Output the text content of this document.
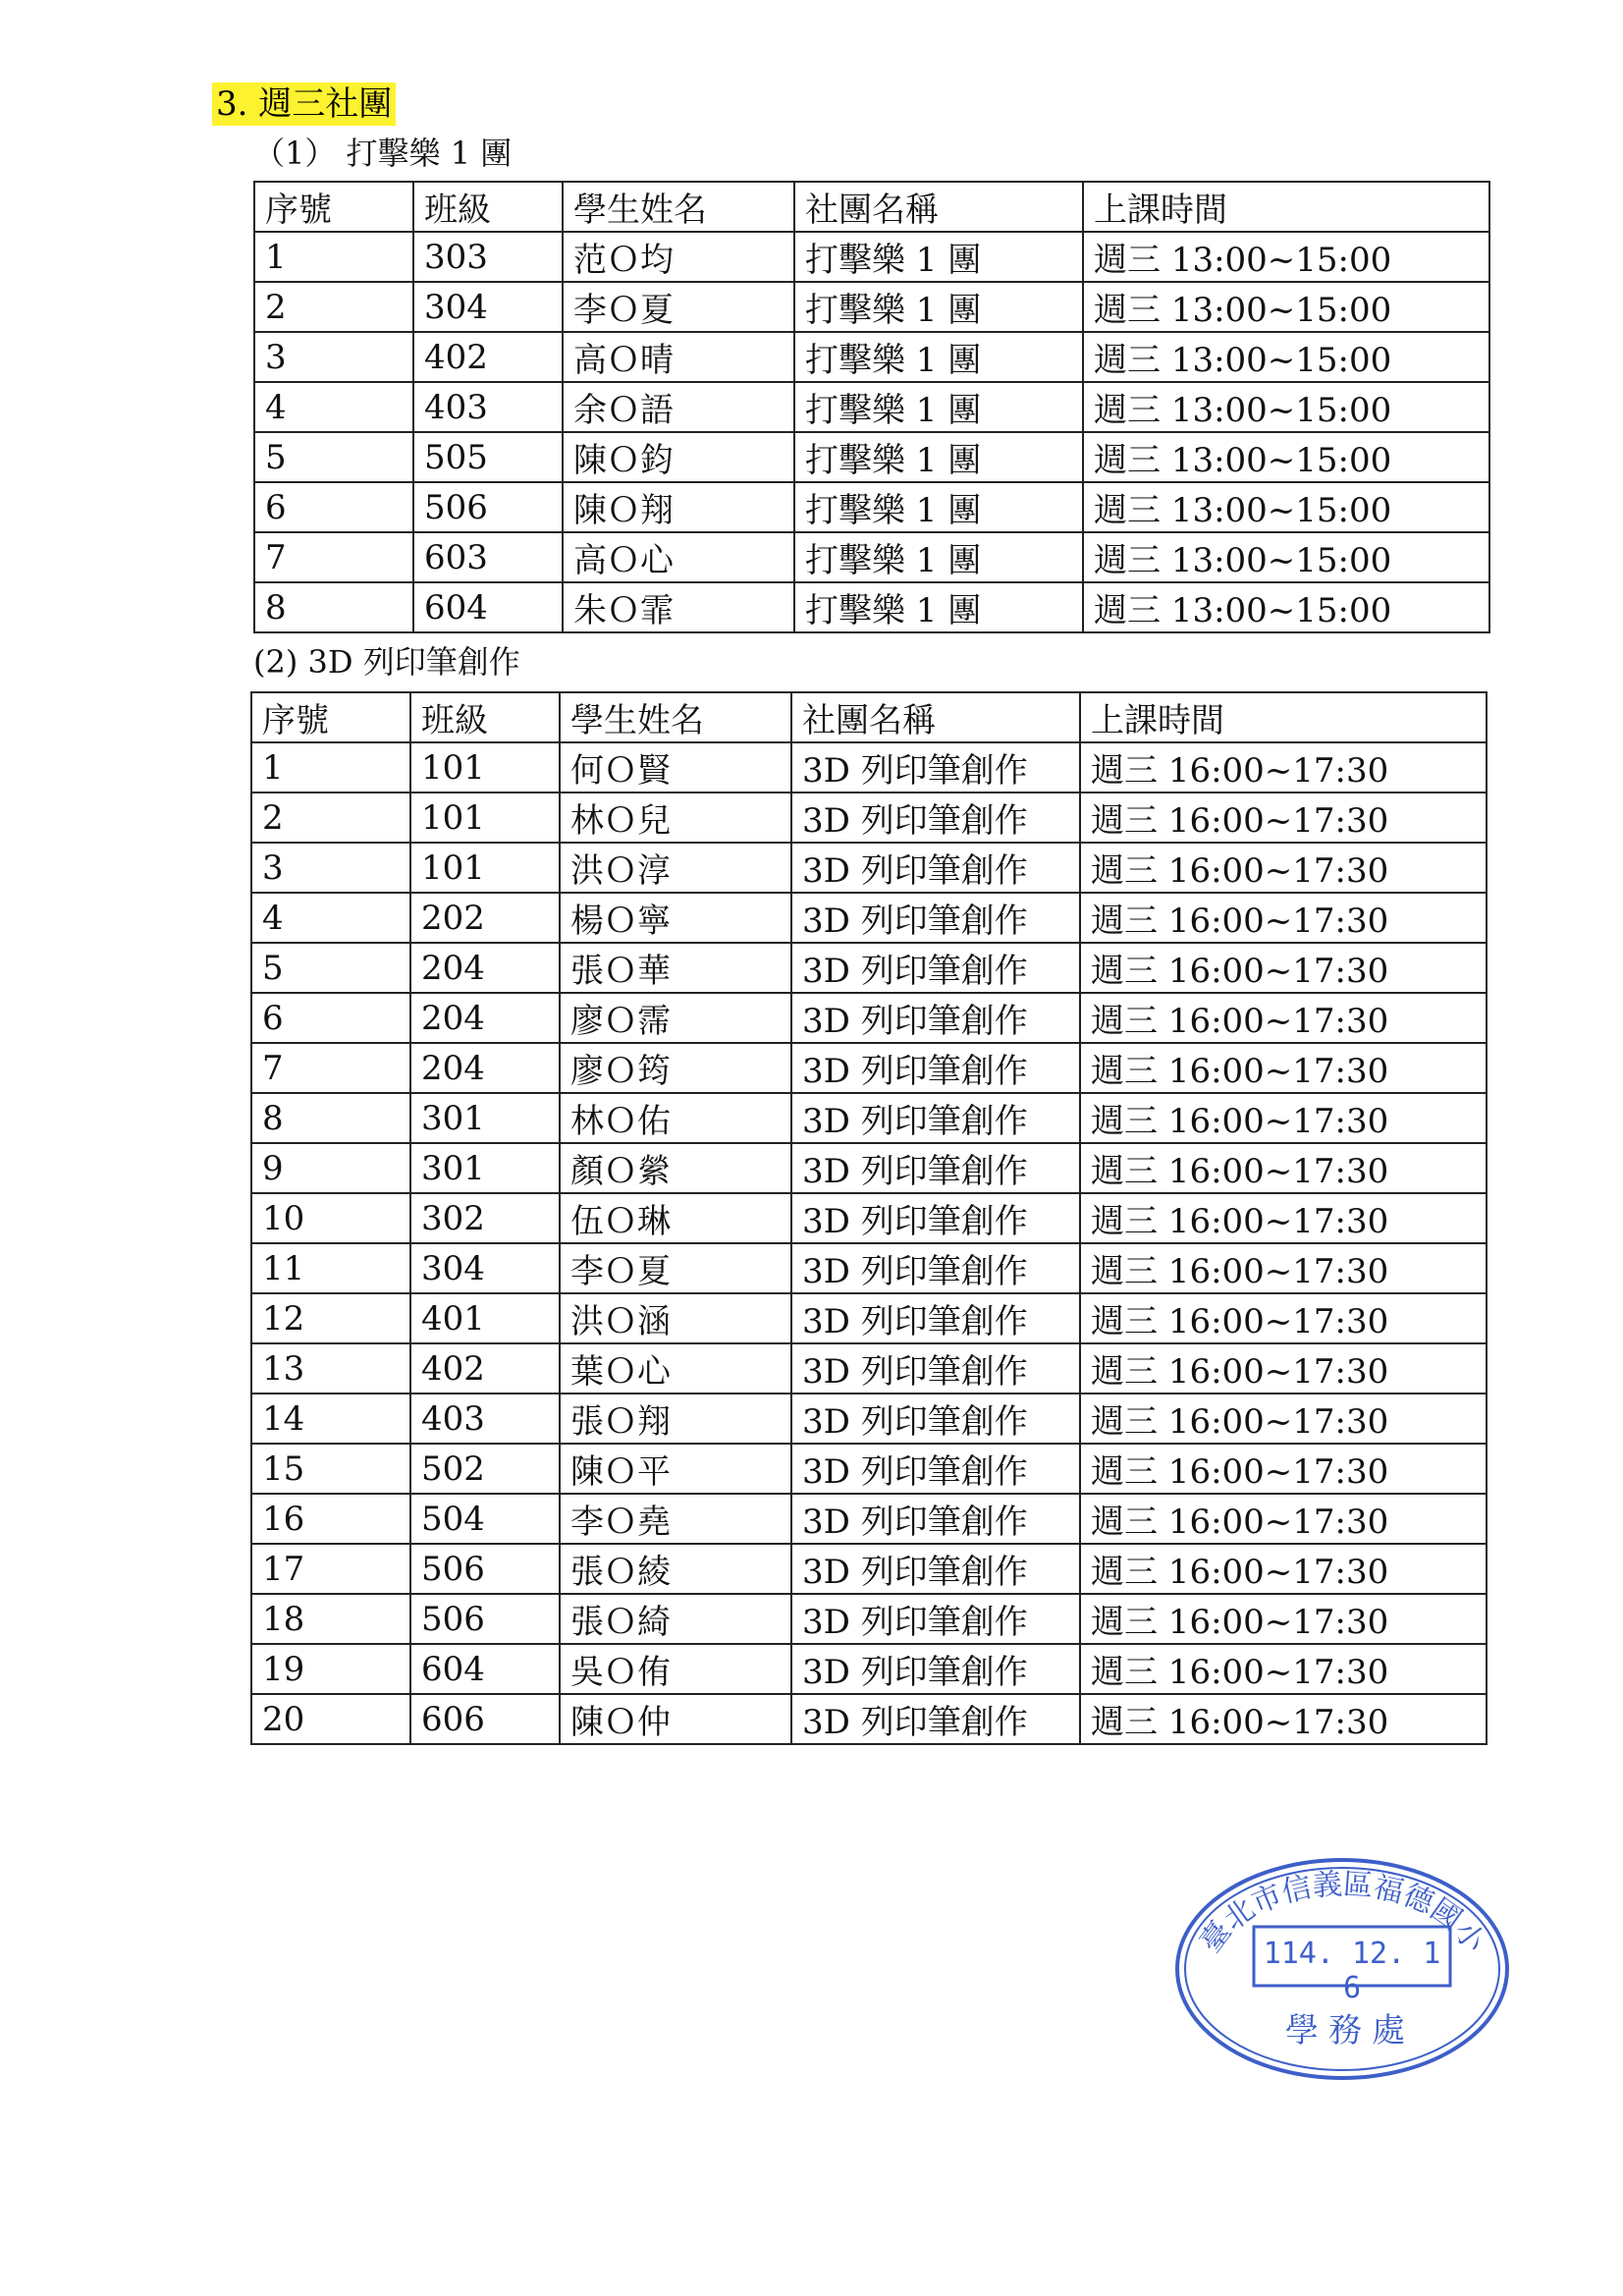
3. 週三社團
（1） 打擊樂 1 團
序號	班級	學生姓名	社團名稱	上課時間
1	303	范Ｏ均	打擊樂 1 團	週三 13:00~15:00
2	304	李Ｏ夏	打擊樂 1 團	週三 13:00~15:00
3	402	高Ｏ晴	打擊樂 1 團	週三 13:00~15:00
4	403	余Ｏ語	打擊樂 1 團	週三 13:00~15:00
5	505	陳Ｏ鈞	打擊樂 1 團	週三 13:00~15:00
6	506	陳Ｏ翔	打擊樂 1 團	週三 13:00~15:00
7	603	高Ｏ心	打擊樂 1 團	週三 13:00~15:00
8	604	朱Ｏ霏	打擊樂 1 團	週三 13:00~15:00
(2) 3D 列印筆創作
序號	班級	學生姓名	社團名稱	上課時間
1	101	何Ｏ賢	3D 列印筆創作	週三 16:00~17:30
2	101	林Ｏ兒	3D 列印筆創作	週三 16:00~17:30
3	101	洪Ｏ淳	3D 列印筆創作	週三 16:00~17:30
4	202	楊Ｏ寧	3D 列印筆創作	週三 16:00~17:30
5	204	張Ｏ華	3D 列印筆創作	週三 16:00~17:30
6	204	廖Ｏ霈	3D 列印筆創作	週三 16:00~17:30
7	204	廖Ｏ筠	3D 列印筆創作	週三 16:00~17:30
8	301	林Ｏ佑	3D 列印筆創作	週三 16:00~17:30
9	301	顏Ｏ縈	3D 列印筆創作	週三 16:00~17:30
10	302	伍Ｏ琳	3D 列印筆創作	週三 16:00~17:30
11	304	李Ｏ夏	3D 列印筆創作	週三 16:00~17:30
12	401	洪Ｏ涵	3D 列印筆創作	週三 16:00~17:30
13	402	葉Ｏ心	3D 列印筆創作	週三 16:00~17:30
14	403	張Ｏ翔	3D 列印筆創作	週三 16:00~17:30
15	502	陳Ｏ平	3D 列印筆創作	週三 16:00~17:30
16	504	李Ｏ堯	3D 列印筆創作	週三 16:00~17:30
17	506	張Ｏ綾	3D 列印筆創作	週三 16:00~17:30
18	506	張Ｏ綺	3D 列印筆創作	週三 16:00~17:30
19	604	吳Ｏ侑	3D 列印筆創作	週三 16:00~17:30
20	606	陳Ｏ仲	3D 列印筆創作	週三 16:00~17:30
臺北市信義區福德國小
114. 12. 1 6
學務處
